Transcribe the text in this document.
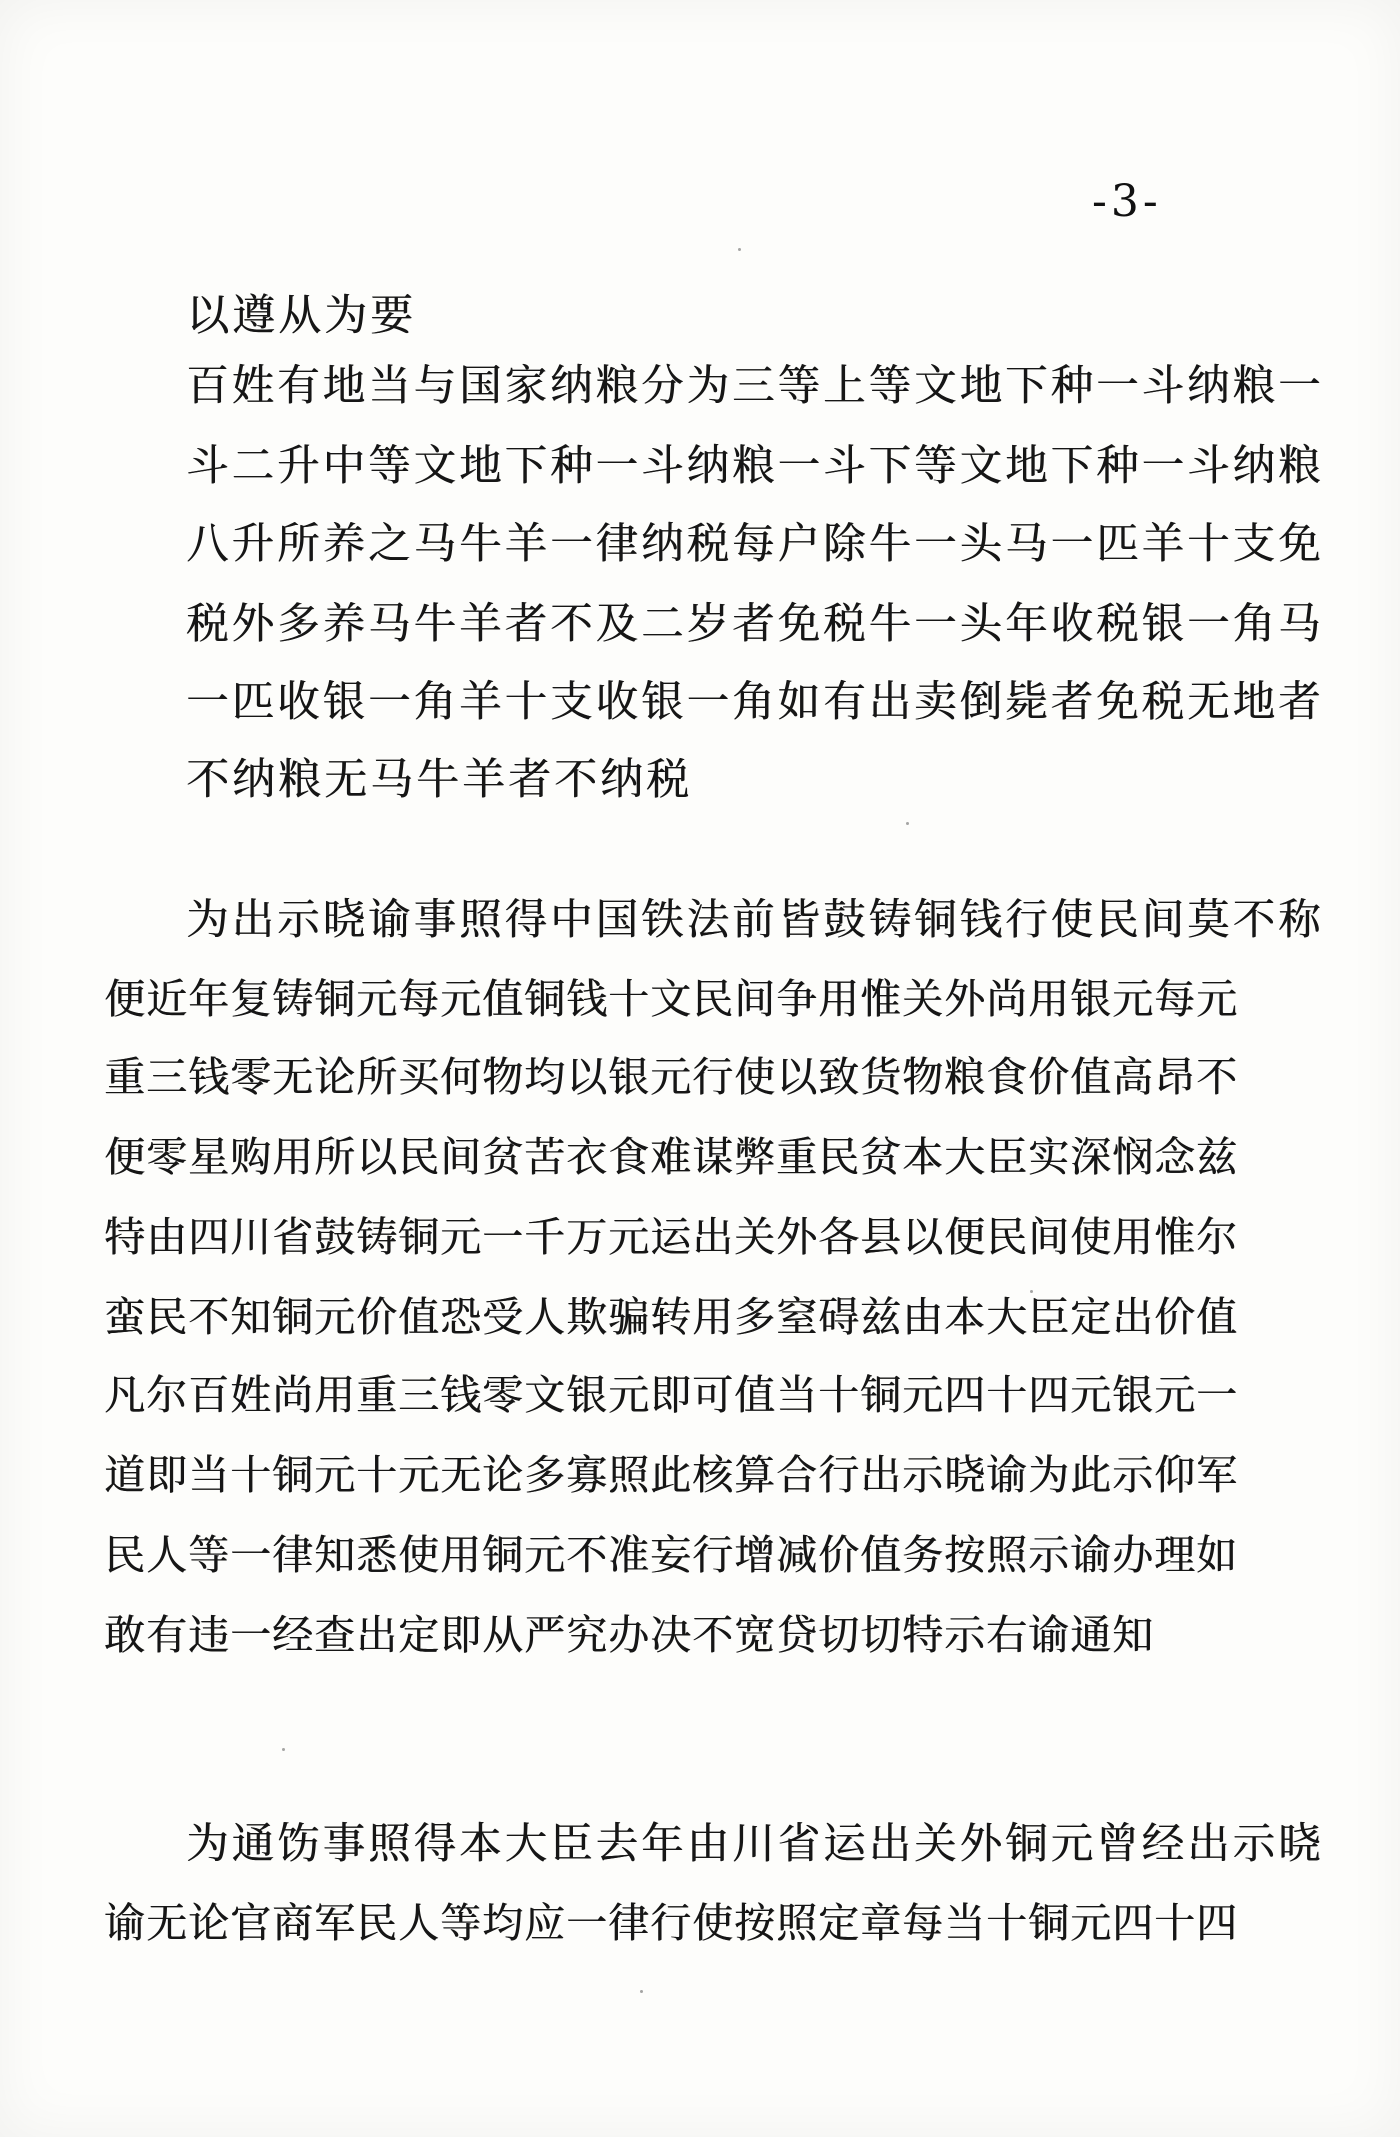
-3-
以遵从为要
百姓有地当与国家纳粮分为三等上等文地下种一斗纳粮一
斗二升中等文地下种一斗纳粮一斗下等文地下种一斗纳粮
八升所养之马牛羊一律纳税每户除牛一头马一匹羊十支免
税外多养马牛羊者不及二岁者免税牛一头年收税银一角马
一匹收银一角羊十支收银一角如有出卖倒毙者免税无地者
不纳粮无马牛羊者不纳税
为出示晓谕事照得中国铁法前皆鼓铸铜钱行使民间莫不称
便近年复铸铜元每元值铜钱十文民间争用惟关外尚用银元每元
重三钱零无论所买何物均以银元行使以致货物粮食价值高昂不
便零星购用所以民间贫苦衣食难谋弊重民贫本大臣实深悯念兹
特由四川省鼓铸铜元一千万元运出关外各县以便民间使用惟尔
蛮民不知铜元价值恐受人欺骗转用多窒碍兹由本大臣定出价值
凡尔百姓尚用重三钱零文银元即可值当十铜元四十四元银元一
道即当十铜元十元无论多寡照此核算合行出示晓谕为此示仰军
民人等一律知悉使用铜元不准妄行增减价值务按照示谕办理如
敢有违一经查出定即从严究办决不宽贷切切特示右谕通知
为通饬事照得本大臣去年由川省运出关外铜元曾经出示晓
谕无论官商军民人等均应一律行使按照定章每当十铜元四十四
